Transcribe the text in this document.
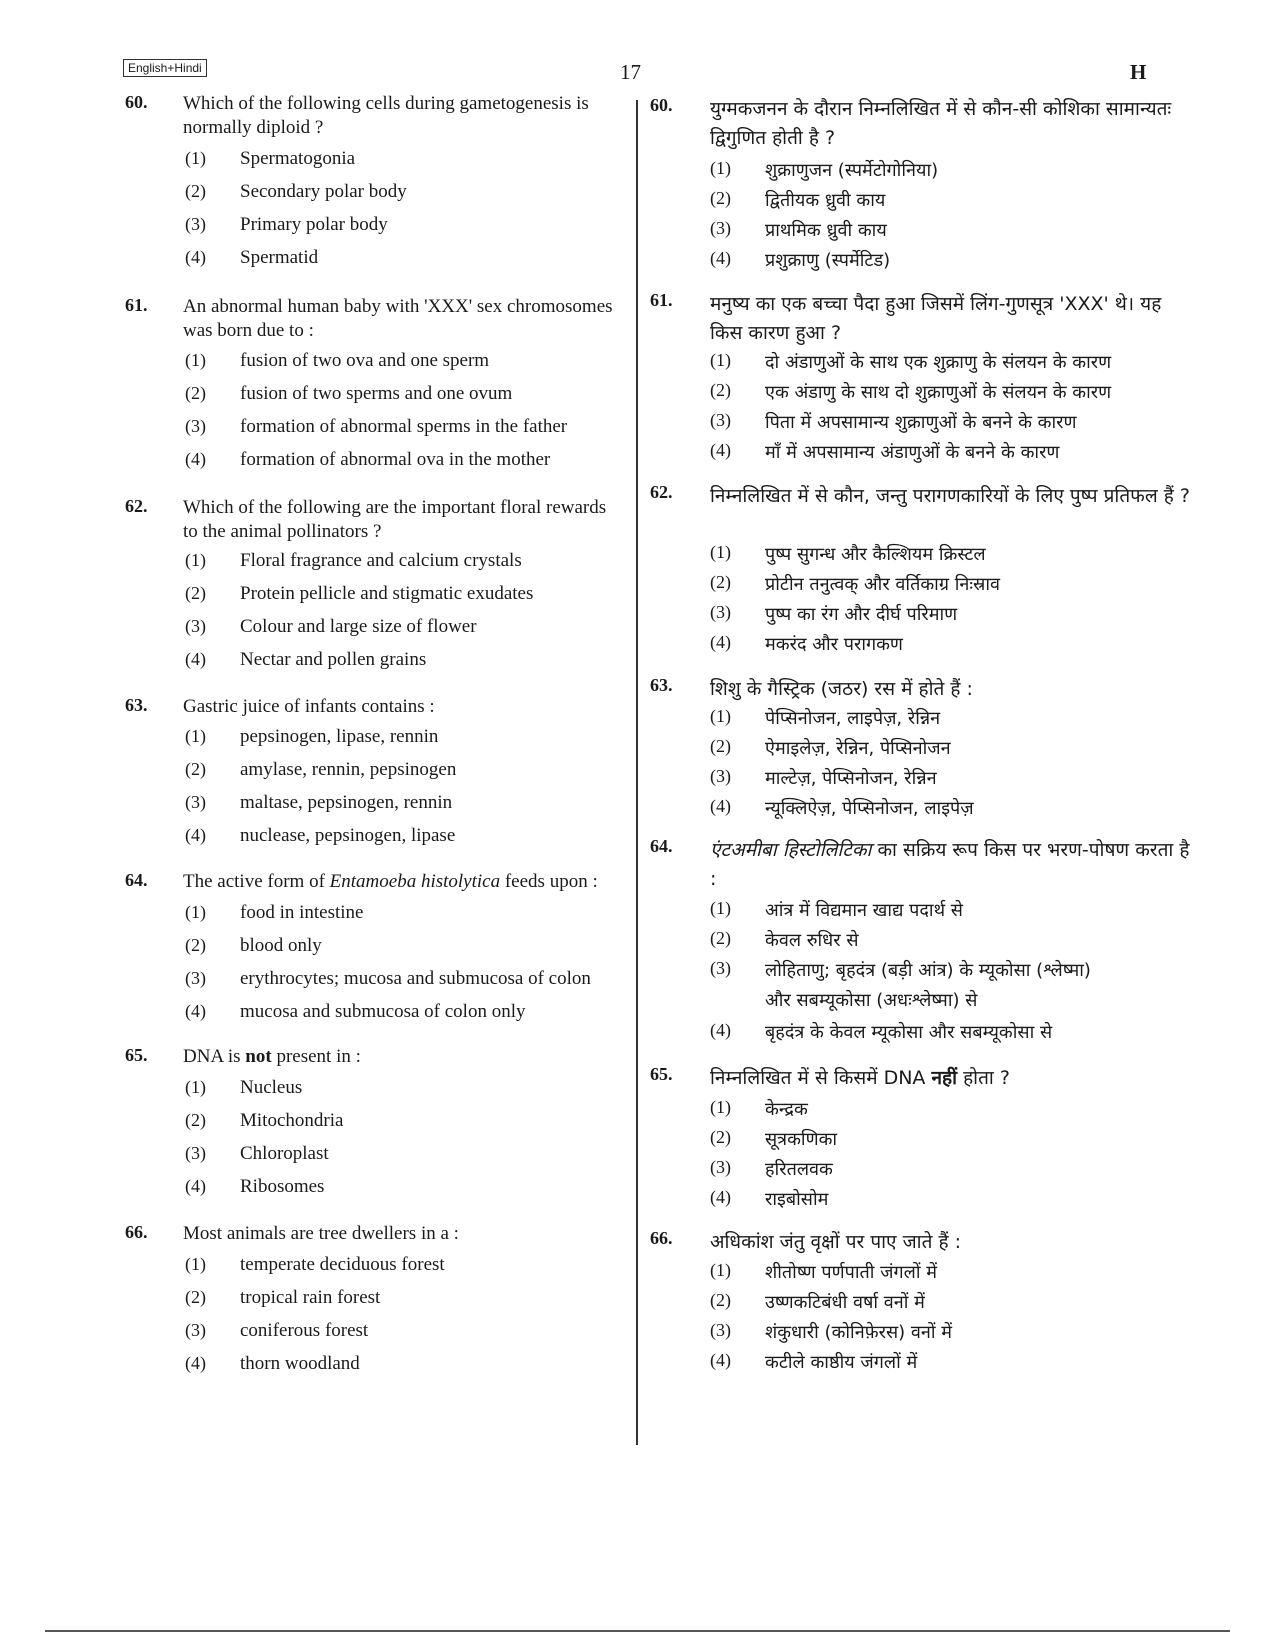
English+Hindi	17	H
60.	Which of the following cells during gametogenesis is normally diploid ?
(1) Spermatogonia
(2) Secondary polar body
(3) Primary polar body
(4) Spermatid
61.	An abnormal human baby with 'XXX' sex chromosomes was born due to :
(1) fusion of two ova and one sperm
(2) fusion of two sperms and one ovum
(3) formation of abnormal sperms in the father
(4) formation of abnormal ova in the mother
62.	Which of the following are the important floral rewards to the animal pollinators ?
(1) Floral fragrance and calcium crystals
(2) Protein pellicle and stigmatic exudates
(3) Colour and large size of flower
(4) Nectar and pollen grains
63.	Gastric juice of infants contains :
(1) pepsinogen, lipase, rennin
(2) amylase, rennin, pepsinogen
(3) maltase, pepsinogen, rennin
(4) nuclease, pepsinogen, lipase
64.	The active form of Entamoeba histolytica feeds upon :
(1) food in intestine
(2) blood only
(3) erythrocytes; mucosa and submucosa of colon
(4) mucosa and submucosa of colon only
65.	DNA is not present in :
(1) Nucleus
(2) Mitochondria
(3) Chloroplast
(4) Ribosomes
66.	Most animals are tree dwellers in a :
(1) temperate deciduous forest
(2) tropical rain forest
(3) coniferous forest
(4) thorn woodland
60.	युग्मकजनन के दौरान निम्नलिखित में से कौन-सी कोशिका सामान्यतः द्विगुणित होती है ?
(1) शुक्राणुजन (स्पर्मेटोगोनिया)
(2) द्वितीयक ध्रुवी काय
(3) प्राथमिक ध्रुवी काय
(4) प्रशुक्राणु (स्पर्मेटिड)
61.	मनुष्य का एक बच्चा पैदा हुआ जिसमें लिंग-गुणसूत्र 'XXX' थे। यह किस कारण हुआ ?
(1) दो अंडाणुओं के साथ एक शुक्राणु के संलयन के कारण
(2) एक अंडाणु के साथ दो शुक्राणुओं के संलयन के कारण
(3) पिता में अपसामान्य शुक्राणुओं के बनने के कारण
(4) माँ में अपसामान्य अंडाणुओं के बनने के कारण
62.	निम्नलिखित में से कौन, जन्तु परागणकारियों के लिए पुष्प प्रतिफल हैं ?
(1) पुष्प सुगन्ध और कैल्शियम क्रिस्टल
(2) प्रोटीन तनुत्वक् और वर्तिकाग्र निःस्राव
(3) पुष्प का रंग और दीर्घ परिमाण
(4) मकरंद और परागकण
63.	शिशु के गैस्ट्रिक (जठर) रस में होते हैं :
(1) पेप्सिनोजन, लाइपेज़, रेन्निन
(2) ऐमाइलेज़, रेन्निन, पेप्सिनोजन
(3) माल्टेज़, पेप्सिनोजन, रेन्निन
(4) न्यूक्लिऐज़, पेप्सिनोजन, लाइपेज़
64.	एंटअमीबा हिस्टोलिटिका का सक्रिय रूप किस पर भरण-पोषण करता है :
(1) आंत्र में विद्यमान खाद्य पदार्थ से
(2) केवल रुधिर से
(3) लोहिताणु; बृहदंत्र (बड़ी आंत्र) के म्यूकोसा (श्लेष्मा)
और सबम्यूकोसा (अधःश्लेष्मा) से
(4) बृहदंत्र के केवल म्यूकोसा और सबम्यूकोसा से
65.	निम्नलिखित में से किसमें DNA नहीं होता ?
(1) केन्द्रक
(2) सूत्रकणिका
(3) हरितलवक
(4) राइबोसोम
66.	अधिकांश जंतु वृक्षों पर पाए जाते हैं :
(1) शीतोष्ण पर्णपाती जंगलों में
(2) उष्णकटिबंधी वर्षा वनों में
(3) शंकुधारी (कोनिफ़ेरस) वनों में
(4) कटीले काष्ठीय जंगलों में
